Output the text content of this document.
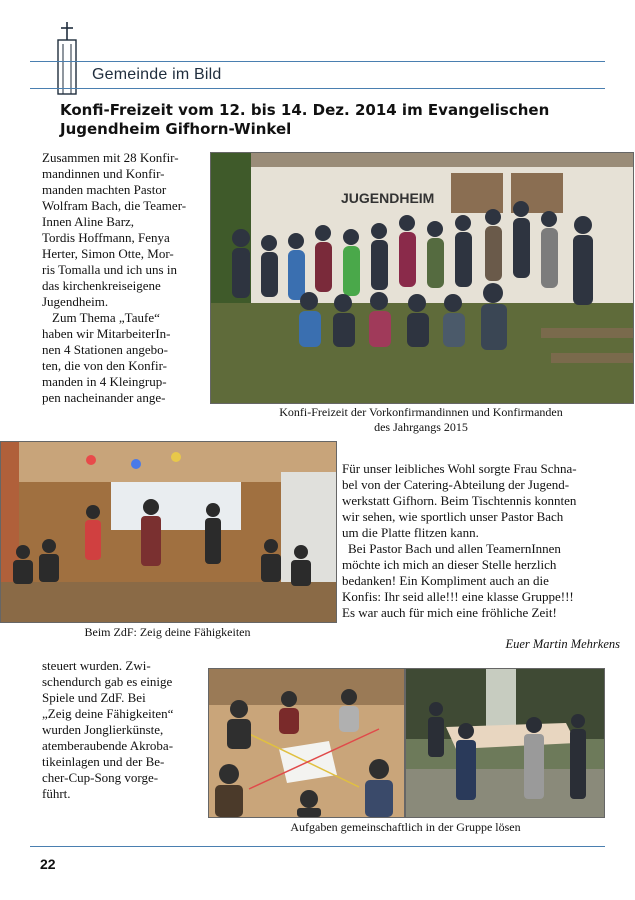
Gemeinde im Bild
Konfi-Freizeit vom 12. bis 14. Dez. 2014 im Evangelischen
Jugendheim Gifhorn-Winkel

Zusammen mit 28 Konfir-

mandinnen und Konfir-

manden machten Pastor

Wolfram Bach, die Teamer-

Innen Aline Barz,

Tordis Hoffmann, Fenya

Herter, Simon Otte, Mor-

ris Tomalla und ich uns in

das kirchenkreiseigene

Jugendheim.

Zum Thema „Taufe“

haben wir MitarbeiterIn-

nen 4 Stationen angebo-

ten, die von den Konfir-

manden in 4 Kleingrup-

pen nacheinander ange-

JUGENDHEIM
Konfi-Freizeit der Vorkonfirmandinnen und Konfirmanden
des Jahrgangs 2015
Beim ZdF: Zeig deine Fähigkeiten

Für unser leibliches Wohl sorgte Frau Schna-

bel von der Catering-Abteilung der Jugend-

werkstatt Gifhorn. Beim Tischtennis konnten

wir sehen, wie sportlich unser Pastor Bach

um die Platte flitzen kann.

Bei Pastor Bach und allen TeamernInnen

möchte ich mich an dieser Stelle herzlich

bedanken! Ein Kompliment auch an die

Konfis: Ihr seid alle!!! eine klasse Gruppe!!!

Es war auch für mich eine fröhliche Zeit!

Euer Martin Mehrkens

steuert wurden. Zwi-

schendurch gab es einige

Spiele und ZdF. Bei

„Zeig deine Fähigkeiten“

wurden Jonglierkünste,

atemberaubende Akroba-

tikeinlagen und der Be-

cher-Cup-Song vorge-

führt.

Aufgaben gemeinschaftlich in der Gruppe lösen
22
